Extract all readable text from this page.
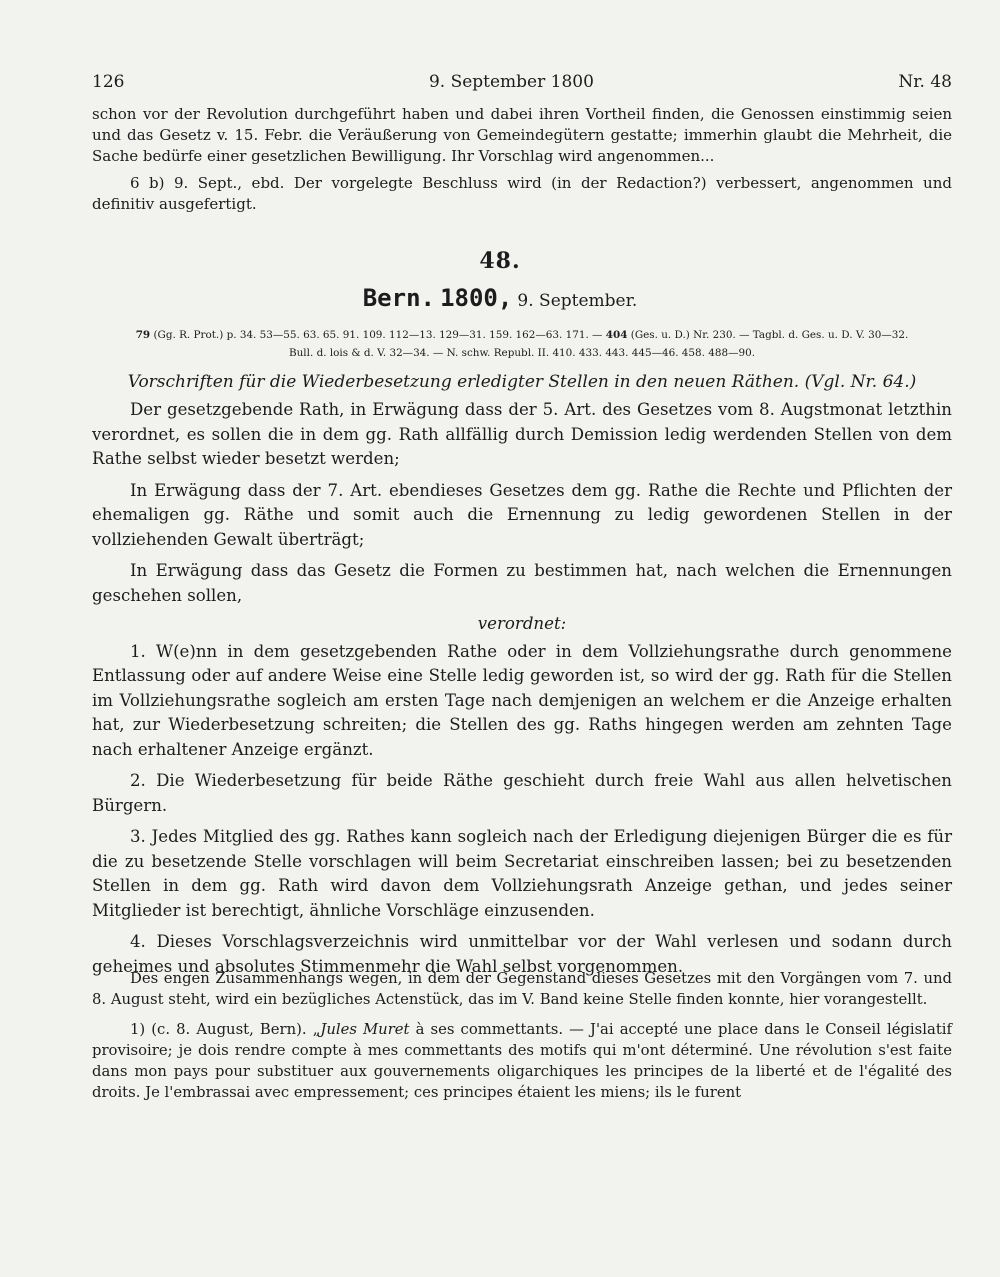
126	9. September 1800	Nr. 48

schon vor der Revolution durchgeführt haben und dabei ihren Vortheil finden, die Genossen einstimmig seien und das Gesetz v. 15. Febr. die Veräußerung von Gemeindegütern gestatte; immerhin glaubt die Mehrheit, die Sache bedürfe einer gesetzlichen Bewilligung. Ihr Vorschlag wird angenommen...

6 b) 9. Sept., ebd. Der vorgelegte Beschluss wird (in der Redaction?) verbessert, angenommen und definitiv ausgefertigt.

48.
Bern. 1800, 9. September.
79 (Gg. R. Prot.) p. 34. 53—55. 63. 65. 91. 109. 112—13. 129—31. 159. 162—63. 171. — 404 (Ges. u. D.) Nr. 230. — Tagbl. d. Ges. u. D. V. 30—32.
Bull. d. lois & d. V. 32—34. — N. schw. Republ. II. 410. 433. 443. 445—46. 458. 488—90.
Vorschriften für die Wiederbesetzung erledigter Stellen in den neuen Räthen. (Vgl. Nr. 64.)

Der gesetzgebende Rath, in Erwägung dass der 5. Art. des Gesetzes vom 8. Augstmonat letzthin verordnet, es sollen die in dem gg. Rath allfällig durch Demission ledig werdenden Stellen von dem Rathe selbst wieder besetzt werden;

In Erwägung dass der 7. Art. ebendieses Gesetzes dem gg. Rathe die Rechte und Pflichten der ehemaligen gg. Räthe und somit auch die Ernennung zu ledig gewordenen Stellen in der vollziehenden Gewalt überträgt;

In Erwägung dass das Gesetz die Formen zu bestimmen hat, nach welchen die Ernennungen geschehen sollen,

verordnet:

1. W(e)nn in dem gesetzgebenden Rathe oder in dem Vollziehungsrathe durch genommene Entlassung oder auf andere Weise eine Stelle ledig geworden ist, so wird der gg. Rath für die Stellen im Vollziehungsrathe sogleich am ersten Tage nach demjenigen an welchem er die Anzeige erhalten hat, zur Wiederbesetzung schreiten; die Stellen des gg. Raths hingegen werden am zehnten Tage nach erhaltener Anzeige ergänzt.

2. Die Wiederbesetzung für beide Räthe geschieht durch freie Wahl aus allen helvetischen Bürgern.

3. Jedes Mitglied des gg. Rathes kann sogleich nach der Erledigung diejenigen Bürger die es für die zu besetzende Stelle vorschlagen will beim Secretariat einschreiben lassen; bei zu besetzenden Stellen in dem gg. Rath wird davon dem Vollziehungsrath Anzeige gethan, und jedes seiner Mitglieder ist berechtigt, ähnliche Vorschläge einzusenden.

4. Dieses Vorschlagsverzeichnis wird unmittelbar vor der Wahl verlesen und sodann durch geheimes und absolutes Stimmenmehr die Wahl selbst vorgenommen.

Des engen Zusammenhangs wegen, in dem der Gegenstand dieses Gesetzes mit den Vorgängen vom 7. und 8. August steht, wird ein bezügliches Actenstück, das im V. Band keine Stelle finden konnte, hier vorangestellt.

1) (c. 8. August, Bern). „Jules Muret à ses commettants. — J'ai accepté une place dans le Conseil législatif provisoire; je dois rendre compte à mes commettants des motifs qui m'ont déterminé. Une révolution s'est faite dans mon pays pour substituer aux gouvernements oligarchiques les principes de la liberté et de l'égalité des droits. Je l'embrassai avec empressement; ces principes étaient les miens; ils le furent
